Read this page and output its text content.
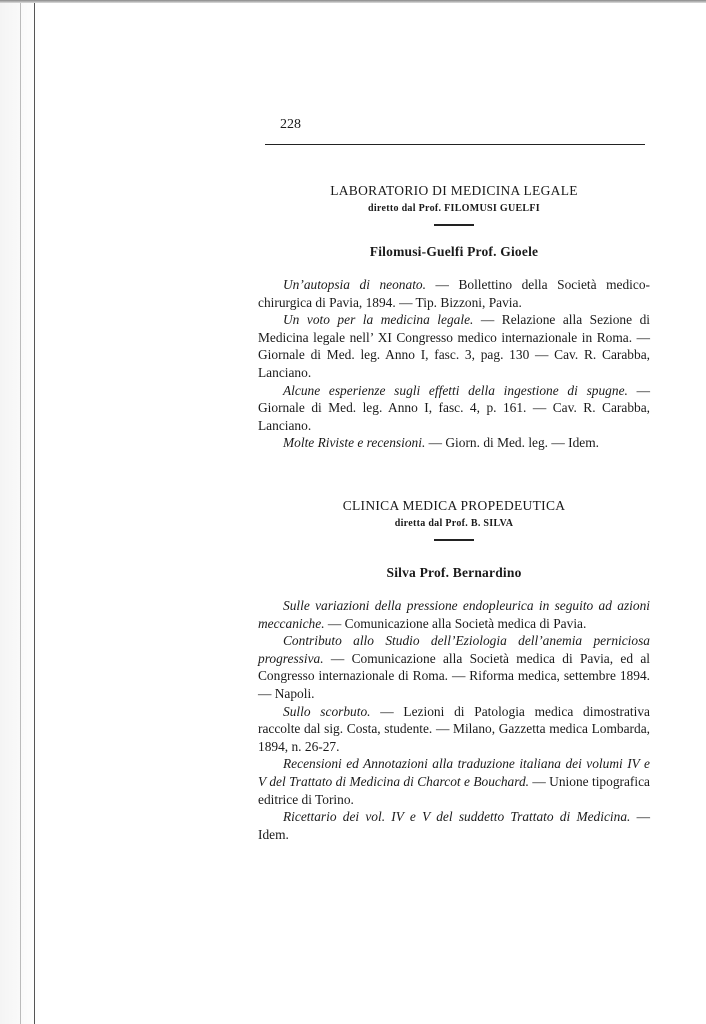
228
LABORATORIO DI MEDICINA LEGALE
diretto dal Prof. FILOMUSI GUELFI
Filomusi-Guelfi Prof. Gioele

Un’autopsia di neonato. — Bollettino della Società medico-chirurgica di Pavia, 1894. — Tip. Bizzoni, Pavia.

Un voto per la medicina legale. — Relazione alla Sezione di Medicina legale nell’ XI Congresso medico internazionale in Roma. — Giornale di Med. leg. Anno I, fasc. 3, pag. 130 — Cav. R. Carabba, Lanciano.

Alcune esperienze sugli effetti della ingestione di spugne. — Giornale di Med. leg. Anno I, fasc. 4, p. 161. — Cav. R. Carabba, Lanciano.

Molte Riviste e recensioni. — Giorn. di Med. leg. — Idem.

CLINICA MEDICA PROPEDEUTICA
diretta dal Prof. B. SILVA
Silva Prof. Bernardino

Sulle variazioni della pressione endopleurica in seguito ad azioni meccaniche. — Comunicazione alla Società medica di Pavia.

Contributo allo Studio dell’Eziologia dell’anemia perniciosa progressiva. — Comunicazione alla Società medica di Pavia, ed al Congresso internazionale di Roma. — Riforma medica, settembre 1894. — Napoli.

Sullo scorbuto. — Lezioni di Patologia medica dimostrativa raccolte dal sig. Costa, studente. — Milano, Gazzetta medica Lombarda, 1894, n. 26-27.

Recensioni ed Annotazioni alla traduzione italiana dei volumi IV e V del Trattato di Medicina di Charcot e Bouchard. — Unione tipografica editrice di Torino.

Ricettario dei vol. IV e V del suddetto Trattato di Medicina. — Idem.
